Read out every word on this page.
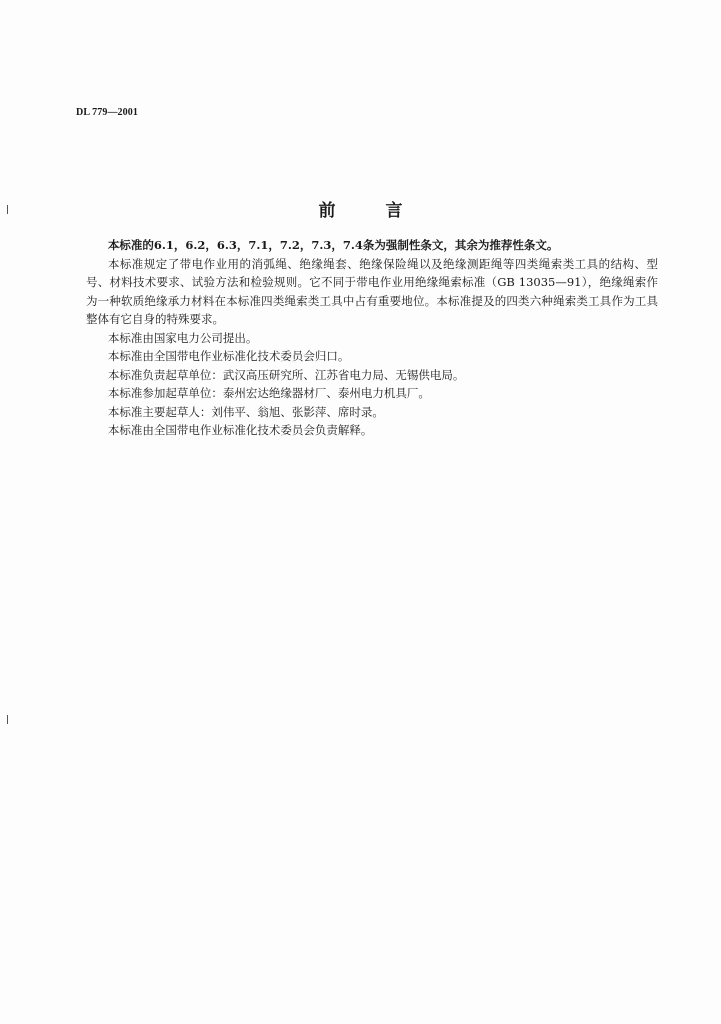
DL 779—2001
前	言

本标准的6.1，6.2，6.3，7.1，7.2，7.3，7.4条为强制性条文，其余为推荐性条文。

本标准规定了带电作业用的消弧绳、绝缘绳套、绝缘保险绳以及绝缘测距绳等四类绳索类工具的结构、型号、材料技术要求、试验方法和检验规则。它不同于带电作业用绝缘绳索标准（GB 13035—91），绝缘绳索作为一种软质绝缘承力材料在本标准四类绳索类工具中占有重要地位。本标准提及的四类六种绳索类工具作为工具整体有它自身的特殊要求。

本标准由国家电力公司提出。

本标准由全国带电作业标准化技术委员会归口。

本标准负责起草单位：武汉高压研究所、江苏省电力局、无锡供电局。

本标准参加起草单位：泰州宏达绝缘器材厂、泰州电力机具厂。

本标准主要起草人：刘伟平、翁旭、张影萍、席时录。

本标准由全国带电作业标准化技术委员会负责解释。
